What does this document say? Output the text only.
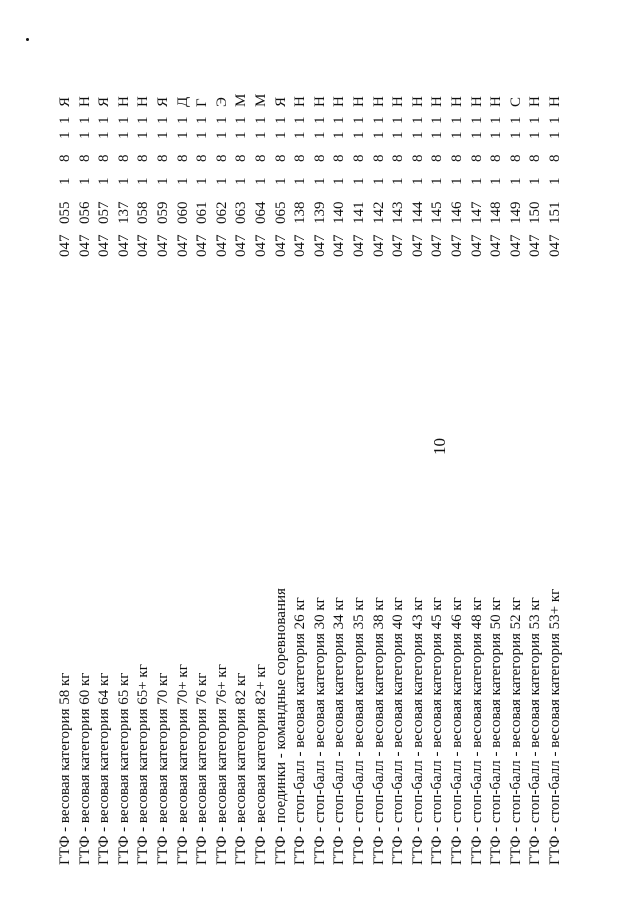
10
ГТФ - весовая категория 58 кг
047
055
1
8
1
1
Я
ГТФ - весовая категория 60 кг
047
056
1
8
1
1
Н
ГТФ - весовая категория 64 кг
047
057
1
8
1
1
Я
ГТФ - весовая категория 65 кг
047
137
1
8
1
1
Н
ГТФ - весовая категория 65+ кг
047
058
1
8
1
1
Н
ГТФ - весовая категория 70 кг
047
059
1
8
1
1
Я
ГТФ - весовая категория 70+ кг
047
060
1
8
1
1
Д
ГТФ - весовая категория 76 кг
047
061
1
8
1
1
Г
ГТФ - весовая категория 76+ кг
047
062
1
8
1
1
Э
ГТФ - весовая категория 82 кг
047
063
1
8
1
1
М
ГТФ - весовая категория 82+ кг
047
064
1
8
1
1
М
ГТФ - поединки - командные соревнования
047
065
1
8
1
1
Я
ГТФ - стоп-балл - весовая категория 26 кг
047
138
1
8
1
1
Н
ГТФ - стоп-балл - весовая категория 30 кг
047
139
1
8
1
1
Н
ГТФ - стоп-балл - весовая категория 34 кг
047
140
1
8
1
1
Н
ГТФ - стоп-балл - весовая категория 35 кг
047
141
1
8
1
1
Н
ГТФ - стоп-балл - весовая категория 38 кг
047
142
1
8
1
1
Н
ГТФ - стоп-балл - весовая категория 40 кг
047
143
1
8
1
1
Н
ГТФ - стоп-балл - весовая категория 43 кг
047
144
1
8
1
1
Н
ГТФ - стоп-балл - весовая категория 45 кг
047
145
1
8
1
1
Н
ГТФ - стоп-балл - весовая категория 46 кг
047
146
1
8
1
1
Н
ГТФ - стоп-балл - весовая категория 48 кг
047
147
1
8
1
1
Н
ГТФ - стоп-балл - весовая категория 50 кг
047
148
1
8
1
1
Н
ГТФ - стоп-балл - весовая категория 52 кг
047
149
1
8
1
1
С
ГТФ - стоп-балл - весовая категория 53 кг
047
150
1
8
1
1
Н
ГТФ - стоп-балл - весовая категория 53+ кг
047
151
1
8
1
1
Н
